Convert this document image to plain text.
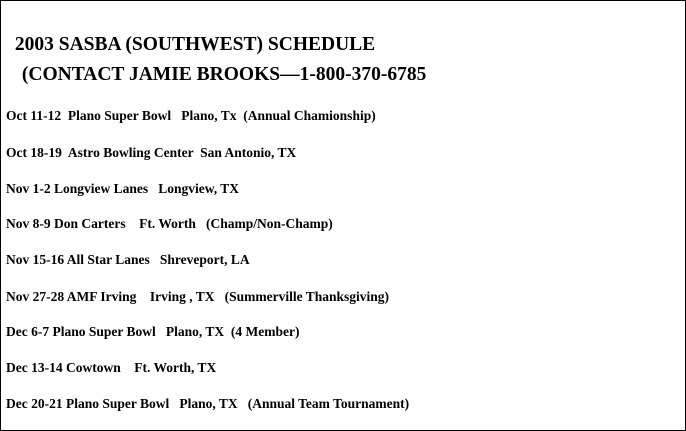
2003 SASBA (SOUTHWEST) SCHEDULE
(CONTACT JAMIE BROOKS—1-800-370-6785
Oct 11-12  Plano Super Bowl   Plano, Tx  (Annual Chamionship)
Oct 18-19  Astro Bowling Center  San Antonio, TX
Nov 1-2 Longview Lanes   Longview, TX
Nov 8-9 Don Carters    Ft. Worth   (Champ/Non-Champ)
Nov 15-16 All Star Lanes   Shreveport, LA
Nov 27-28 AMF Irving    Irving , TX   (Summerville Thanksgiving)
Dec 6-7 Plano Super Bowl   Plano, TX  (4 Member)
Dec 13-14 Cowtown    Ft. Worth, TX
Dec 20-21 Plano Super Bowl   Plano, TX   (Annual Team Tournament)
